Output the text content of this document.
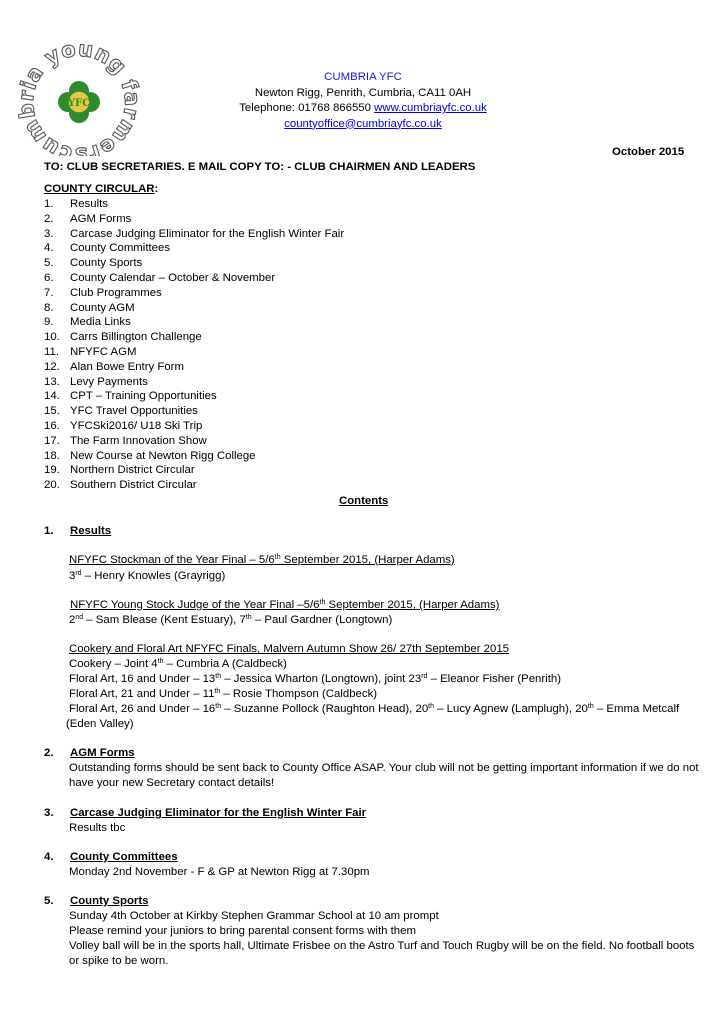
cum ia young f mers
YFC
CUMBRIA YFC
Newton Rigg, Penrith, Cumbria, CA11 0AH
Telephone: 01768 866550 www.cumbriayfc.co.uk
countyoffice@cumbriayfc.co.uk
October 2015
TO: CLUB SECRETARIES. E MAIL COPY TO: - CLUB CHAIRMEN AND LEADERS
COUNTY CIRCULAR:
1. Results
2. AGM Forms
3. Carcase Judging Eliminator for the English Winter Fair
4. County Committees
5. County Sports
6. County Calendar – October & November
7. Club Programmes
8. County AGM
9. Media Links
10. Carrs Billington Challenge
11. NFYFC AGM
12. Alan Bowe Entry Form
13. Levy Payments
14. CPT – Training Opportunities
15. YFC Travel Opportunities
16. YFCSki2016/ U18 Ski Trip
17. The Farm Innovation Show
18. New Course at Newton Rigg College
19. Northern District Circular
20. Southern District Circular
Contents
1. Results
NFYFC Stockman of the Year Final – 5/6th September 2015, (Harper Adams)
3rd – Henry Knowles (Grayrigg)
NFYFC Young Stock Judge of the Year Final –5/6th September 2015, (Harper Adams)
2nd – Sam Blease (Kent Estuary), 7th – Paul Gardner (Longtown)
Cookery and Floral Art NFYFC Finals, Malvern Autumn Show 26/ 27th September 2015
Cookery – Joint 4th – Cumbria A (Caldbeck)
Floral Art, 16 and Under – 13th – Jessica Wharton (Longtown), joint 23rd – Eleanor Fisher (Penrith)
Floral Art, 21 and Under – 11th – Rosie Thompson (Caldbeck)
Floral Art, 26 and Under – 16th – Suzanne Pollock (Raughton Head), 20th – Lucy Agnew (Lamplugh), 20th – Emma Metcalf
(Eden Valley)
2. AGM Forms
Outstanding forms should be sent back to County Office ASAP. Your club will not be getting important information if we do not have your new Secretary contact details!
3. Carcase Judging Eliminator for the English Winter Fair
Results tbc
4. County Committees
Monday 2nd November - F & GP at Newton Rigg at 7.30pm
5. County Sports
Sunday 4th October at Kirkby Stephen Grammar School at 10 am prompt
Please remind your juniors to bring parental consent forms with them
Volley ball will be in the sports hall, Ultimate Frisbee on the Astro Turf and Touch Rugby will be on the field. No football boots or spike to be worn.
